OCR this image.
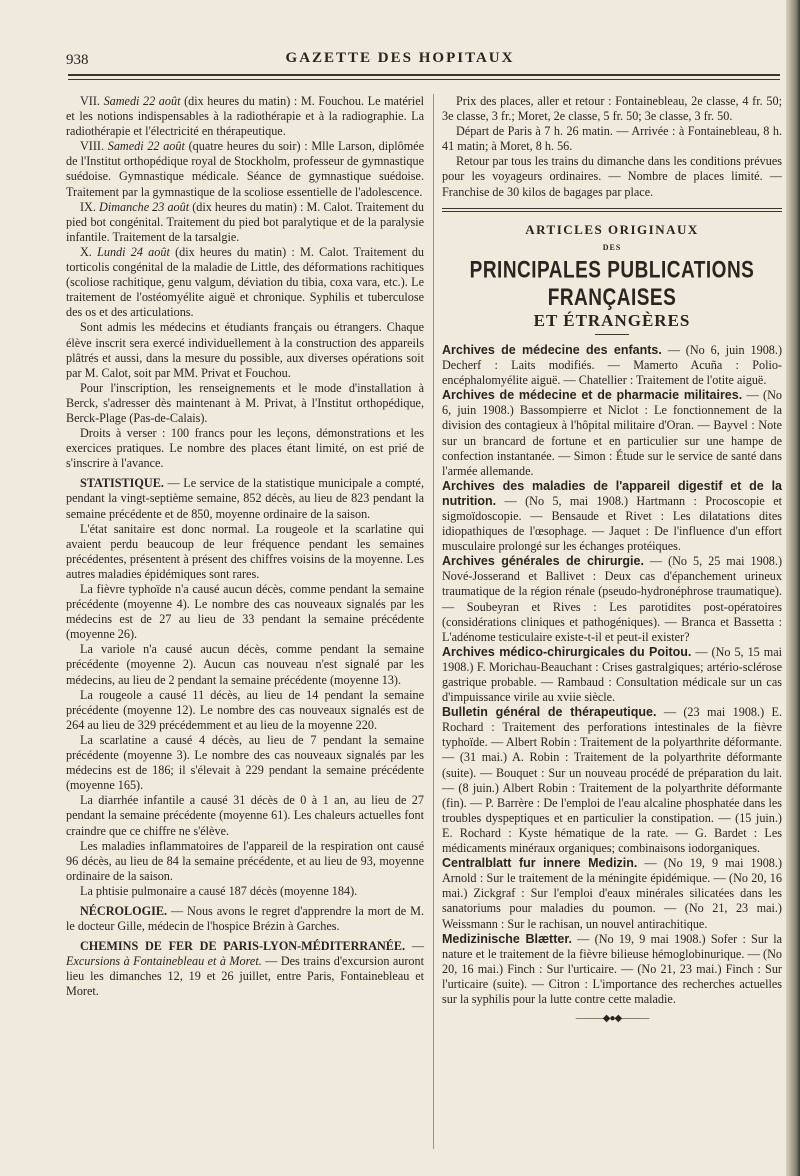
938	GAZETTE DES HOPITAUX

VII. Samedi 22 août (dix heures du matin) : M. Fouchou. Le matériel et les notions indispensables à la radiothérapie et à la radiographie. La radiothérapie et l'électricité en thérapeutique.

VIII. Samedi 22 août (quatre heures du soir) : Mlle Larson, diplômée de l'Institut orthopédique royal de Stockholm, professeur de gymnastique suédoise. Gymnastique médicale. Séance de gymnastique suédoise. Traitement par la gymnastique de la scoliose essentielle de l'adolescence.

IX. Dimanche 23 août (dix heures du matin) : M. Calot. Traitement du pied bot congénital. Traitement du pied bot paralytique et de la paralysie infantile. Traitement de la tarsalgie.

X. Lundi 24 août (dix heures du matin) : M. Calot. Traitement du torticolis congénital de la maladie de Little, des déformations rachitiques (scoliose rachitique, genu valgum, déviation du tibia, coxa vara, etc.). Le traitement de l'ostéomyélite aiguë et chronique. Syphilis et tuberculose des os et des articulations.

Sont admis les médecins et étudiants français ou étrangers. Chaque élève inscrit sera exercé individuellement à la construction des appareils plâtrés et aussi, dans la mesure du possible, aux diverses opérations soit par M. Calot, soit par MM. Privat et Fouchou.

Pour l'inscription, les renseignements et le mode d'installation à Berck, s'adresser dès maintenant à M. Privat, à l'Institut orthopédique, Berck-Plage (Pas-de-Calais).

Droits à verser : 100 francs pour les leçons, démonstrations et les exercices pratiques. Le nombre des places étant limité, on est prié de s'inscrire à l'avance.

STATISTIQUE. — Le service de la statistique municipale a compté, pendant la vingt-septième semaine, 852 décès, au lieu de 823 pendant la semaine précédente et de 850, moyenne ordinaire de la saison.

L'état sanitaire est donc normal. La rougeole et la scarlatine qui avaient perdu beaucoup de leur fréquence pendant les semaines précédentes, présentent à présent des chiffres voisins de la moyenne. Les autres maladies épidémiques sont rares.

La fièvre typhoïde n'a causé aucun décès, comme pendant la semaine précédente (moyenne 4). Le nombre des cas nouveaux signalés par les médecins est de 27 au lieu de 33 pendant la semaine précédente (moyenne 26).

La variole n'a causé aucun décès, comme pendant la semaine précédente (moyenne 2). Aucun cas nouveau n'est signalé par les médecins, au lieu de 2 pendant la semaine précédente (moyenne 13).

La rougeole a causé 11 décès, au lieu de 14 pendant la semaine précédente (moyenne 12). Le nombre des cas nouveaux signalés est de 264 au lieu de 329 précédemment et au lieu de la moyenne 220.

La scarlatine a causé 4 décès, au lieu de 7 pendant la semaine précédente (moyenne 3). Le nombre des cas nouveaux signalés par les médecins est de 186; il s'élevait à 229 pendant la semaine précédente (moyenne 165).

La diarrhée infantile a causé 31 décès de 0 à 1 an, au lieu de 27 pendant la semaine précédente (moyenne 61). Les chaleurs actuelles font craindre que ce chiffre ne s'élève.

Les maladies inflammatoires de l'appareil de la respiration ont causé 96 décès, au lieu de 84 la semaine précédente, et au lieu de 93, moyenne ordinaire de la saison.

La phtisie pulmonaire a causé 187 décès (moyenne 184).

NÉCROLOGIE. — Nous avons le regret d'apprendre la mort de M. le docteur Gille, médecin de l'hospice Brézin à Garches.

CHEMINS DE FER DE PARIS-LYON-MÉDITERRANÉE. — Excursions à Fontainebleau et à Moret. — Des trains d'excursion auront lieu les dimanches 12, 19 et 26 juillet, entre Paris, Fontainebleau et Moret.

Prix des places, aller et retour : Fontainebleau, 2e classe, 4 fr. 50; 3e classe, 3 fr.; Moret, 2e classe, 5 fr. 50; 3e classe, 3 fr. 50.

Départ de Paris à 7 h. 26 matin. — Arrivée : à Fontainebleau, 8 h. 41 matin; à Moret, 8 h. 56.

Retour par tous les trains du dimanche dans les conditions prévues pour les voyageurs ordinaires. — Nombre de places limité. — Franchise de 30 kilos de bagages par place.

ARTICLES ORIGINAUX
DES
PRINCIPALES PUBLICATIONS FRANÇAISES
ET ÉTRANGÈRES

Archives de médecine des enfants. — (No 6, juin 1908.) Decherf : Laits modifiés. — Mamerto Acuña : Polio-encéphalomyélite aiguë. — Chatellier : Traitement de l'otite aiguë.

Archives de médecine et de pharmacie militaires. — (No 6, juin 1908.) Bassompierre et Niclot : Le fonctionnement de la division des contagieux à l'hôpital militaire d'Oran. — Bayvel : Note sur un brancard de fortune et en particulier sur une hampe de confection instantanée. — Simon : Étude sur le service de santé dans l'armée allemande.

Archives des maladies de l'appareil digestif et de la nutrition. — (No 5, mai 1908.) Hartmann : Procoscopie et sigmoïdoscopie. — Bensaude et Rivet : Les dilatations dites idiopathiques de l'œsophage. — Jaquet : De l'influence d'un effort musculaire prolongé sur les échanges protéiques.

Archives générales de chirurgie. — (No 5, 25 mai 1908.) Nové-Josserand et Ballivet : Deux cas d'épanchement urineux traumatique de la région rénale (pseudo-hydronéphrose traumatique). — Soubeyran et Rives : Les parotidites post-opératoires (considérations cliniques et pathogéniques). — Branca et Bassetta : L'adénome testiculaire existe-t-il et peut-il exister?

Archives médico-chirurgicales du Poitou. — (No 5, 15 mai 1908.) F. Morichau-Beauchant : Crises gastralgiques; artério-sclérose gastrique probable. — Rambaud : Consultation médicale sur un cas d'impuissance virile au xviie siècle.

Bulletin général de thérapeutique. — (23 mai 1908.) E. Rochard : Traitement des perforations intestinales de la fièvre typhoïde. — Albert Robin : Traitement de la polyarthrite déformante. — (31 mai.) A. Robin : Traitement de la polyarthrite déformante (suite). — Bouquet : Sur un nouveau procédé de préparation du lait. — (8 juin.) Albert Robin : Traitement de la polyarthrite déformante (fin). — P. Barrère : De l'emploi de l'eau alcaline phosphatée dans les troubles dyspeptiques et en particulier la constipation. — (15 juin.) E. Rochard : Kyste hématique de la rate. — G. Bardet : Les médicaments minéraux organiques; combinaisons iodorganiques.

Centralblatt fur innere Medizin. — (No 19, 9 mai 1908.) Arnold : Sur le traitement de la méningite épidémique. — (No 20, 16 mai.) Zickgraf : Sur l'emploi d'eaux minérales silicatées dans les sanatoriums pour maladies du poumon. — (No 21, 23 mai.) Weissmann : Sur le rachisan, un nouvel antirachitique.

Medizinische Blætter. — (No 19, 9 mai 1908.) Sofer : Sur la nature et le traitement de la fièvre bilieuse hémoglobinurique. — (No 20, 16 mai.) Finch : Sur l'urticaire. — (No 21, 23 mai.) Finch : Sur l'urticaire (suite). — Citron : L'importance des recherches actuelles sur la syphilis pour la lutte contre cette maladie.

———◆●◆———
